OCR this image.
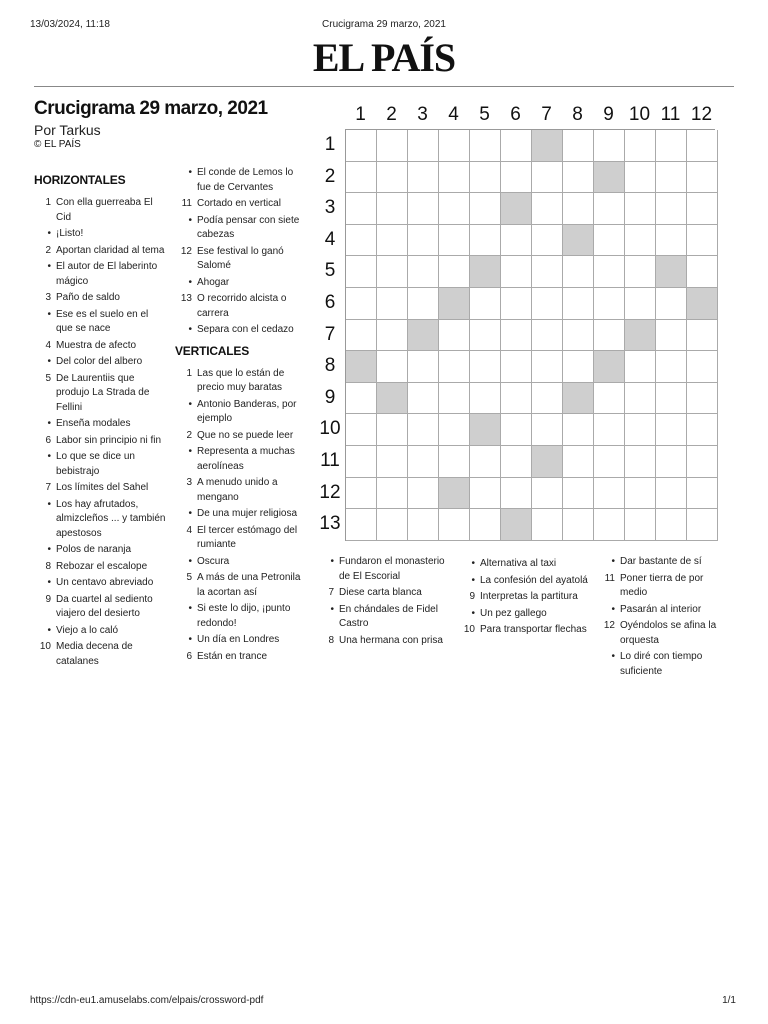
13/03/2024, 11:18	Crucigrama 29 marzo, 2021
EL PAÍS
Crucigrama 29 marzo, 2021
Por Tarkus
© EL PAÍS
HORIZONTALES
1 Con ella guerreaba El Cid
• ¡Listo!
2 Aportan claridad al tema
• El autor de El laberinto mágico
3 Paño de saldo
• Ese es el suelo en el que se nace
4 Muestra de afecto
• Del color del albero
5 De Laurentiis que produjo La Strada de Fellini
• Enseña modales
6 Labor sin principio ni fin
• Lo que se dice un bebistrajo
7 Los límites del Sahel
• Los hay afrutados, almizcleños ... y también apestosos
• Polos de naranja
8 Rebozar el escalope
• Un centavo abreviado
9 Da cuartel al sediento viajero del desierto
• Viejo a lo caló
10 Media decena de catalanes
• El conde de Lemos lo fue de Cervantes
11 Cortado en vertical
• Podía pensar con siete cabezas
12 Ese festival lo ganó Salomé
• Ahogar
13 O recorrido alcista o carrera
• Separa con el cedazo
VERTICALES
1 Las que lo están de precio muy baratas
• Antonio Banderas, por ejemplo
2 Que no se puede leer
• Representa a muchas aerolíneas
3 A menudo unido a mengano
• De una mujer religiosa
4 El tercer estómago del rumiante
• Oscura
5 A más de una Petronila la acortan así
• Si este lo dijo, ¡punto redondo!
• Un día en Londres
6 Están en trance
• Fundaron el monasterio de El Escorial
7 Diese carta blanca
• En chándales de Fidel Castro
8 Una hermana con prisa
• Alternativa al taxi
• La confesión del ayatolá
9 Interpretas la partitura
• Un pez gallego
10 Para transportar flechas
• Dar bastante de sí
11 Poner tierra de por medio
• Pasarán al interior
12 Oyéndolos se afina la orquesta
• Lo diré con tiempo suficiente
1	2	3	4	5	6	7	8	9 10 11 12
1
2
3
4
5
6
7
8
9
10
11
12
13
https://cdn-eu1.amuselabs.com/elpais/crossword-pdf	1/1
